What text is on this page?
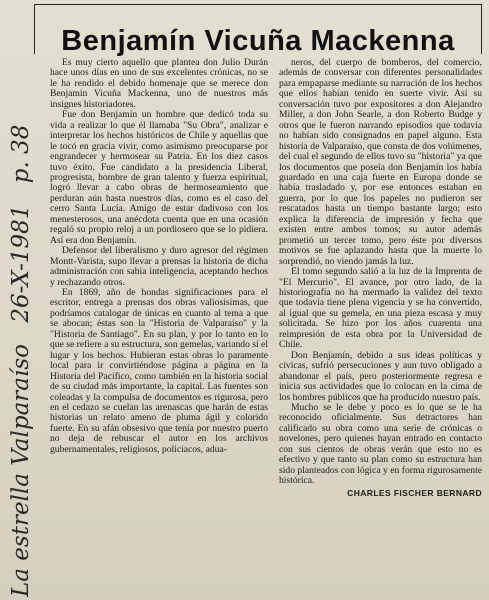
Benjamín Vicuña Mackenna

Es muy cierto aquello que plantea don Julio Durán hace unos días en uno de sus excelentes crónicas, no se le ha rendido el debido homenaje que se merece don Benjamín Vicuña Mackenna, uno de nuestros más insignes historiadores.

Fue don Benjamín un hombre que dedicó toda su vida a realizar lo que él llamaba "Su Obra", analizar e interpretar los hechos históricos de Chile y aquellas que le tocó en gracia vivir, como asimismo preocuparse por engrandecer y hermosear su Patria. En los diez casos tuvo éxito. Fue candidato a la presidencia Liberal, progresista, hombre de gran talento y fuerza espiritual, logró llevar a cabo obras de hermoseamiento que perduran aún hasta nuestros días, como es el caso del cerro Santa Lucía. Amigo de estar dadivoso con los menesterosos, una anécdota cuenta que en una ocasión regaló su propio reloj a un pordiosero que se lo pidiera. Así era don Benjamín.

Defensor del liberalismo y duro agresor del régimen Montt-Varista, supo llevar a prensas la historia de dicha administración con sabia inteligencia, aceptando hechos y rechazando otros.

En 1869, año de hondas significaciones para el escritor, entrega a prensas dos obras valiosísimas, que podríamos catalogar de únicas en cuanto al tema a que se abocan; éstas son la "Historia de Valparaíso" y la "Historia de Santiago". En su plan, y por lo tanto en lo que se refiere a su estructura, son gemelas, variando sí el lugar y los hechos. Hubieran estas obras lo paramente local para ir convirtiéndose página a página en la Historia del Pacífico, como también en la historia social de su ciudad más importante, la capital. Las fuentes son coleadas y la compulsa de documentos es rigurosa, pero en el cedazo se cuelan las arenascas que harán de estas historias un relato ameno de pluma ágil y colorido fuerte. En su afán obsesivo que tenía por nuestro puerto no deja de rebuscar el autor en los archivos gubernamentales, religiosos, policiacos, adua-

neros, del cuerpo de bomberos, del comercio, además de conversar con diferentes personalidades para empaparse mediante su narración de los hechos que ellos habían tenido en suerte vivir. Así su conversación tuvo por expositores a don Alejandro Miller, a don John Searle, a don Roberto Budge y otros que le fueron narrando episodios que todavía no habían sido consignados en papel alguno. Esta historia de Valparaíso, que consta de dos volúmenes, del cual el segundo de ellos tuvo su "historia" ya que los documentos que poseía don Benjamín los había guardado en una caja fuerte en Europa donde se había trasladado y, por ese entonces estaban en guerra, por lo que los papeles no pudieron ser rescatados hasta un tiempo bastante largo; esto explica la diferencia de impresión y fecha que existen entre ambos tomos; su autor además prometió un tercer tomo, pero éste por diversos motivos se fue aplazando hasta que la muerte lo sorprendió, no viendo jamás la luz.

El tomo segundo salió a la luz de la Imprenta de "El Mercurio". El avance, por otro lado, de la historiografía no ha mermado la validez del texto que todavía tiene plena vigencia y se ha convertido, al igual que su gemela, en una pieza escasa y muy solicitada. Se hizo por los años cuarenta una reimpresión de esta obra por la Universidad de Chile.

Don Benjamín, debido a sus ideas políticas y cívicas, sufrió persecuciones y aun tuvo obligado a abandonar el país, pero posteriormente regresa e inicia sus actividades que lo colocan en la cima de los hombres públicos que ha producido nuestro país.

Mucho se le debe y poco es lo que se le ha reconocido oficialmente. Sus detractores han calificado su obra como una serie de crónicas o novelones, pero quienes hayan entrado en contacto con sus cientos de obras verán que esto no es efectivo y que tanto su plan como su estructura han sido planteados con lógica y en forma rigurosamente histórica.

CHARLES FISCHER BERNARD
La estrella Valparaíso 26-X-1981 p. 38
